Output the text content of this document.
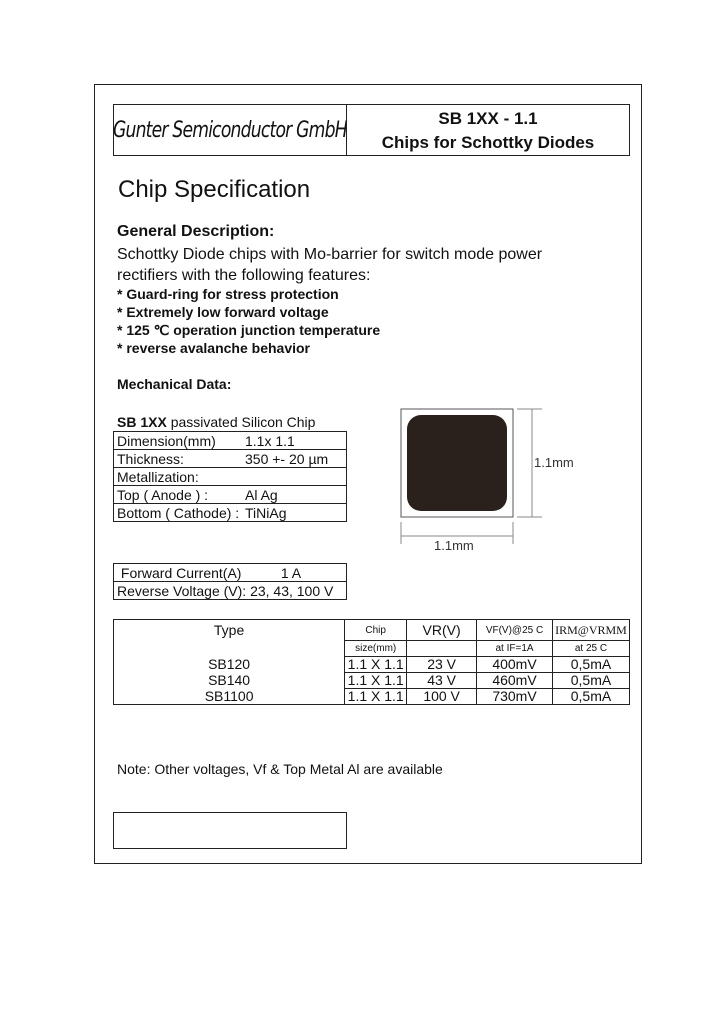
Gunter Semiconductor GmbH	SB 1XX - 1.1
Chips for Schottky Diodes
Chip Specification
General Description:
Schottky Diode chips with Mo-barrier for switch mode power rectifiers with the following features:
* Guard-ring for stress protection
* Extremely low forward voltage
* 125 ℃ operation junction temperature
* reverse avalanche behavior
Mechanical Data:
SB 1XX passivated Silicon Chip
Dimension(mm) 1.1x 1.1
Thickness:	350 +- 20 µm
Metallization:
Top ( Anode ) :	Al Ag
Bottom ( Cathode) : TiNiAg
1.1mm
1.1mm
Forward Current(A)	1 A
Reverse Voltage (V): 23, 43, 100 V
Type	Chip	VR(V)	VF(V)@25 C	IRM@VRMM
	size(mm)		at IF=1A	at 25 C
SB120	1.1 X 1.1	23 V	400mV	0,5mA
SB140	1.1 X 1.1	43 V	460mV	0,5mA
SB1100	1.1 X 1.1	100 V	730mV	0,5mA
Note: Other voltages, Vf & Top Metal Al are available
